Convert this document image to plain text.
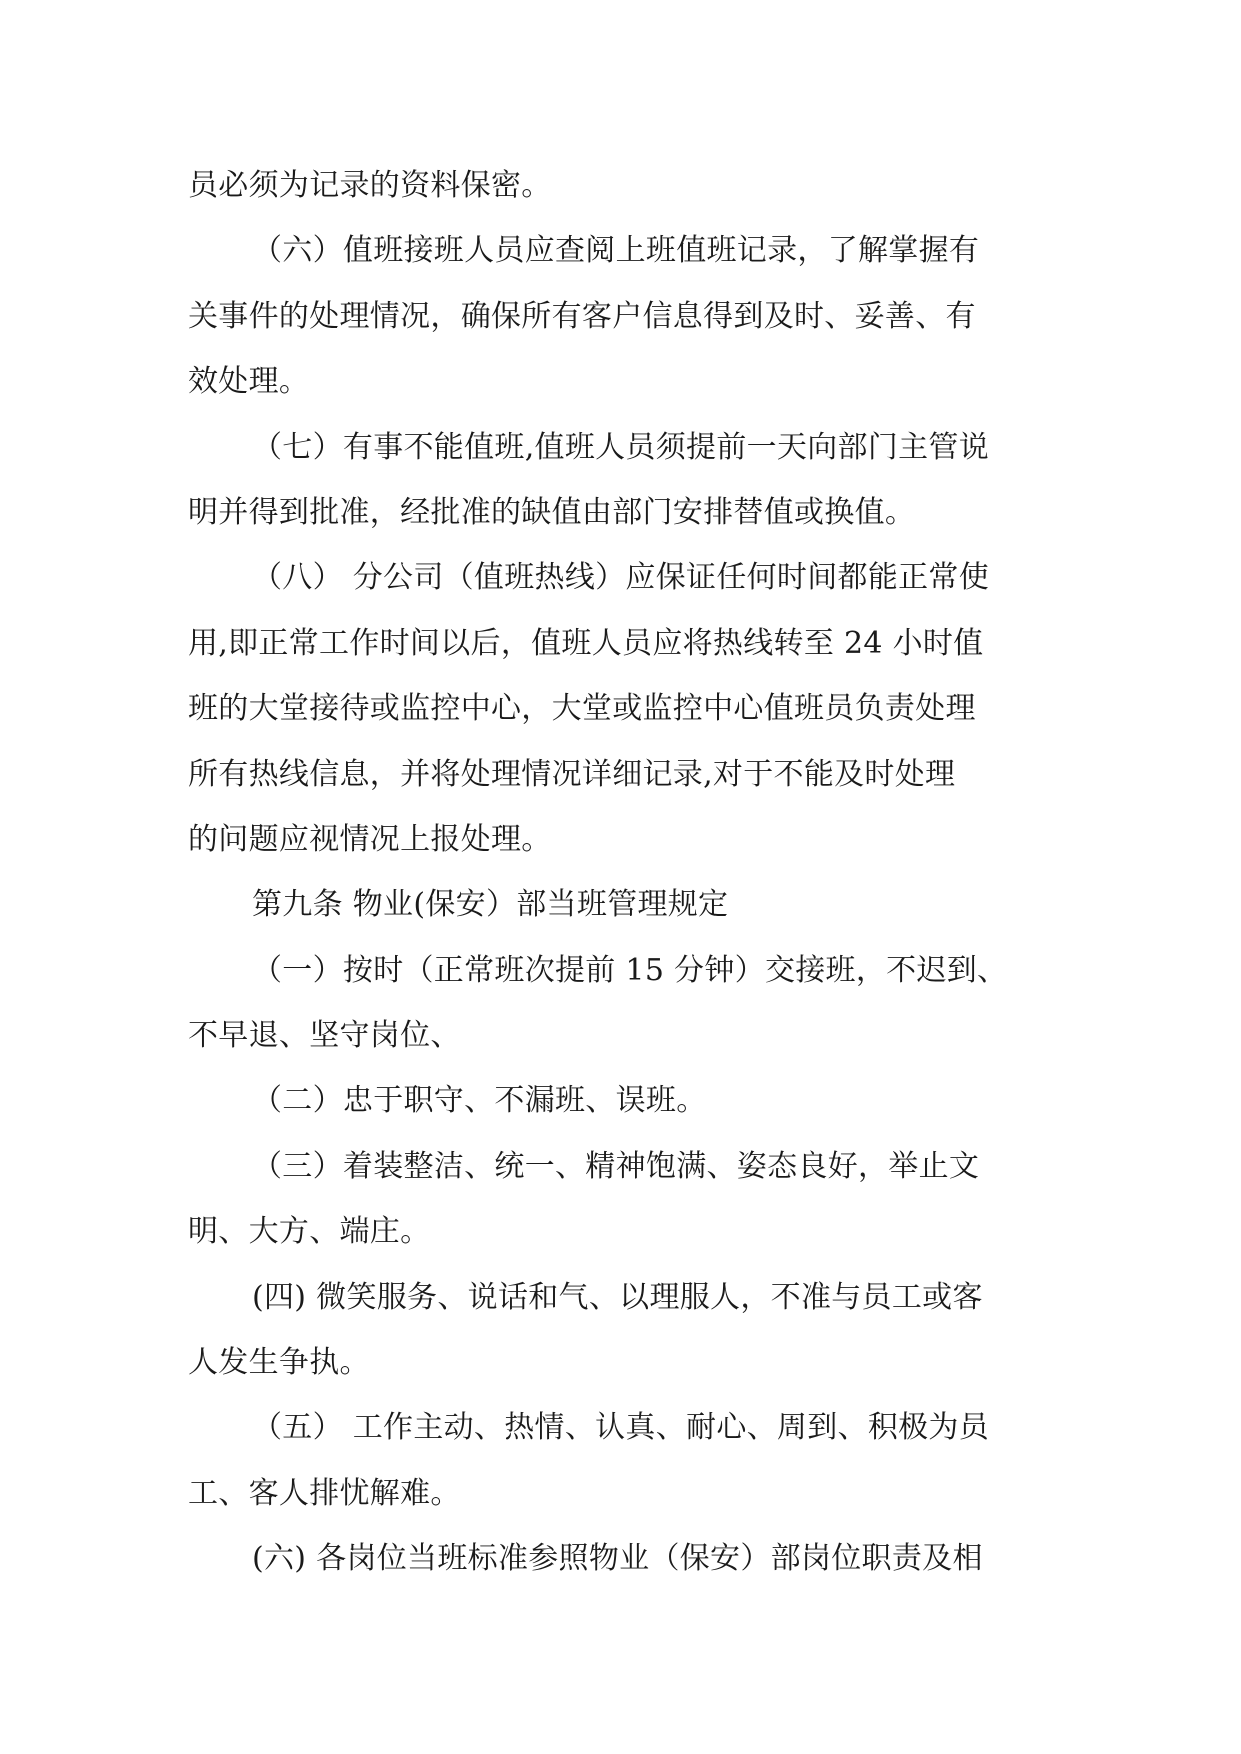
员必须为记录的资料保密。
（六）值班接班人员应查阅上班值班记录，了解掌握有
关事件的处理情况，确保所有客户信息得到及时、妥善、有
效处理。
（七）有事不能值班,值班人员须提前一天向部门主管说
明并得到批准，经批准的缺值由部门安排替值或换值。
（八） 分公司（值班热线）应保证任何时间都能正常使
用,即正常工作时间以后，值班人员应将热线转至 24 小时值
班的大堂接待或监控中心，大堂或监控中心值班员负责处理
所有热线信息，并将处理情况详细记录,对于不能及时处理
的问题应视情况上报处理。
第九条 物业(保安）部当班管理规定
（一）按时（正常班次提前 15 分钟）交接班，不迟到、
不早退、坚守岗位、
（二）忠于职守、不漏班、误班。
（三）着装整洁、统一、精神饱满、姿态良好，举止文
明、大方、端庄。
(四) 微笑服务、说话和气、以理服人，不准与员工或客
人发生争执。
（五） 工作主动、热情、认真、耐心、周到、积极为员
工、客人排忧解难。
(六) 各岗位当班标准参照物业（保安）部岗位职责及相
